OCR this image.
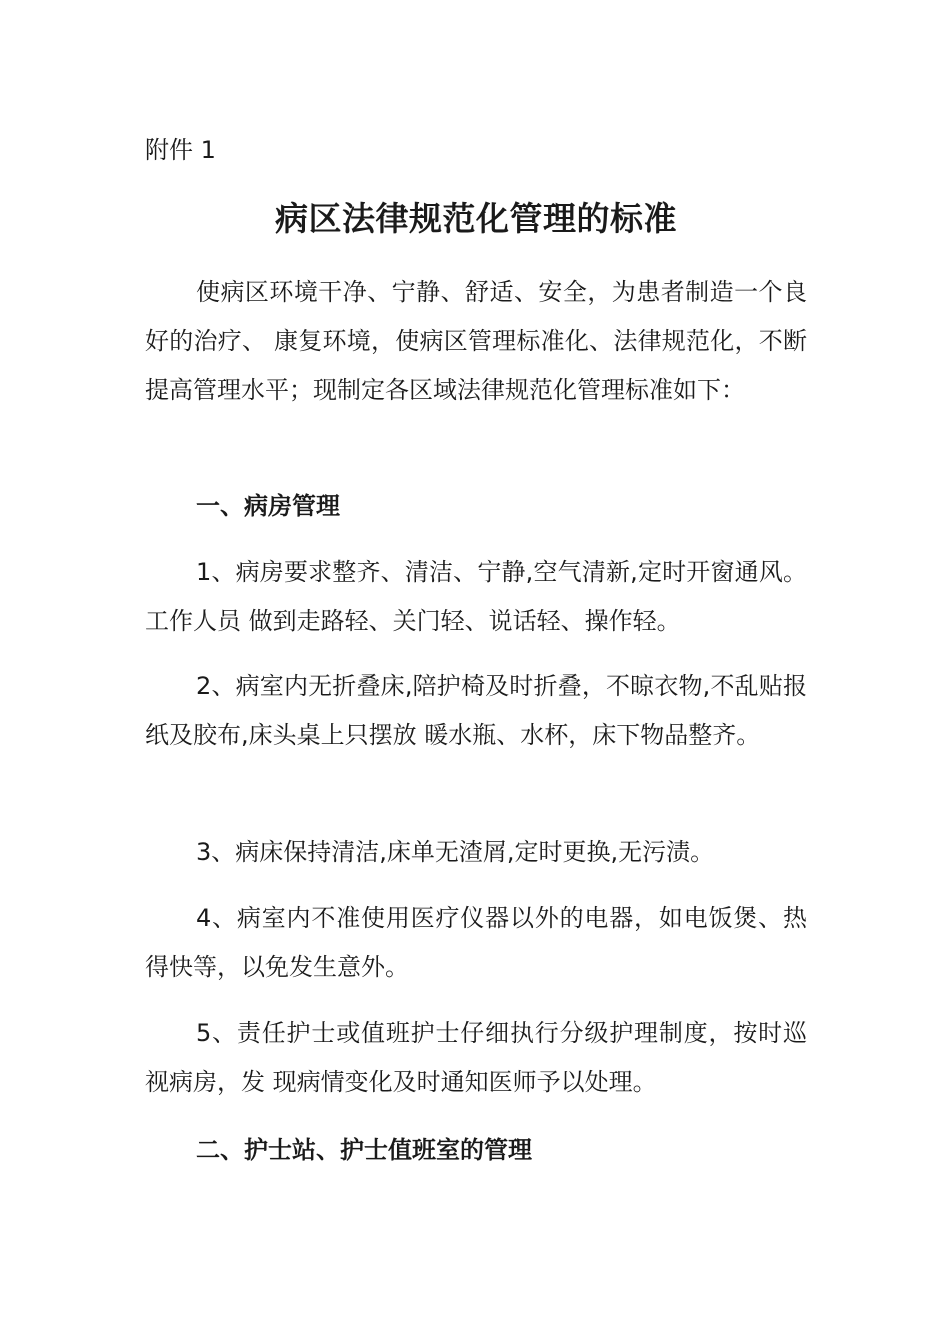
附件 1
病区法律规范化管理的标准

使病区环境干净、宁静、舒适、安全，为患者制造一个良好的治疗、 康复环境，使病区管理标准化、法律规范化，不断提高管理水平；现制定各区域法律规范化管理标准如下：

一、病房管理

1、病房要求整齐、清洁、宁静,空气清新,定时开窗通风。工作人员 做到走路轻、关门轻、说话轻、操作轻。

2、病室内无折叠床,陪护椅及时折叠，不晾衣物,不乱贴报纸及胶布,床头桌上只摆放 暖水瓶、水杯，床下物品整齐。

3、病床保持清洁,床单无渣屑,定时更换,无污渍。

4、病室内不准使用医疗仪器以外的电器，如电饭煲、热得快等，以免发生意外。

5、责任护士或值班护士仔细执行分级护理制度，按时巡视病房，发 现病情变化及时通知医师予以处理。

二、护士站、护士值班室的管理
